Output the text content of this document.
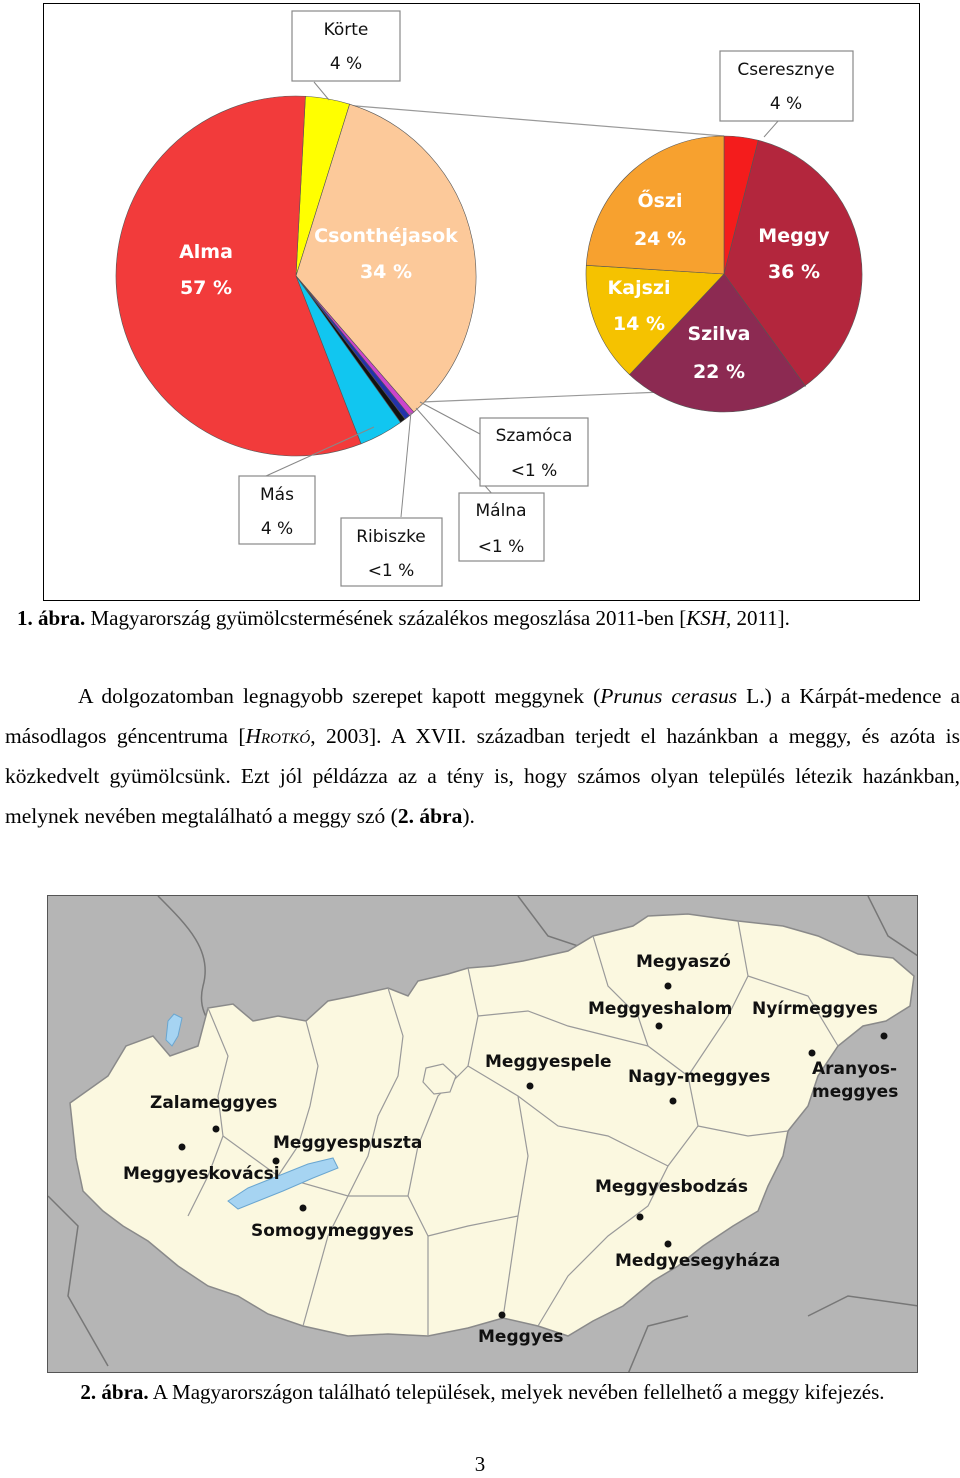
Alma
57 %
Csonthéjasok
34 %
Őszi
24 %	Meggy
36 %
Kajszi
14 % Szilva
22 %
Körte
4 %	Cseresznye
4 %
Szamóca
<1 %
Más
4 %
Málna
<1 %
Ribiszke
<1 %
1. ábra. Magyarország gyümölcstermésének százalékos megoszlása 2011-ben [KSH, 2011].

A dolgozatomban legnagyobb szerepet kapott meggynek (Prunus cerasus L.) a Kárpát-medence a másodlagos géncentruma [Hrotkó, 2003]. A XVII. században terjedt el hazánkban a meggy, és azóta is közkedvelt gyümölcsünk. Ezt jól példázza az a tény is, hogy számos olyan település létezik hazánkban, melynek nevében megtalálható a meggy szó (2. ábra).

Megyaszó
Meggyeshalom Nyírmeggyes
Meggyespele
Nagy-meggyes Aranyos-
meggyes
Zalameggyes
Meggyespuszta
Meggyeskovácsi
Somogymeggyes
Meggyesbodzás
Medgyesegyháza
Meggyes
2. ábra. A Magyarországon található települések, melyek nevében fellelhető a meggy kifejezés.
3
